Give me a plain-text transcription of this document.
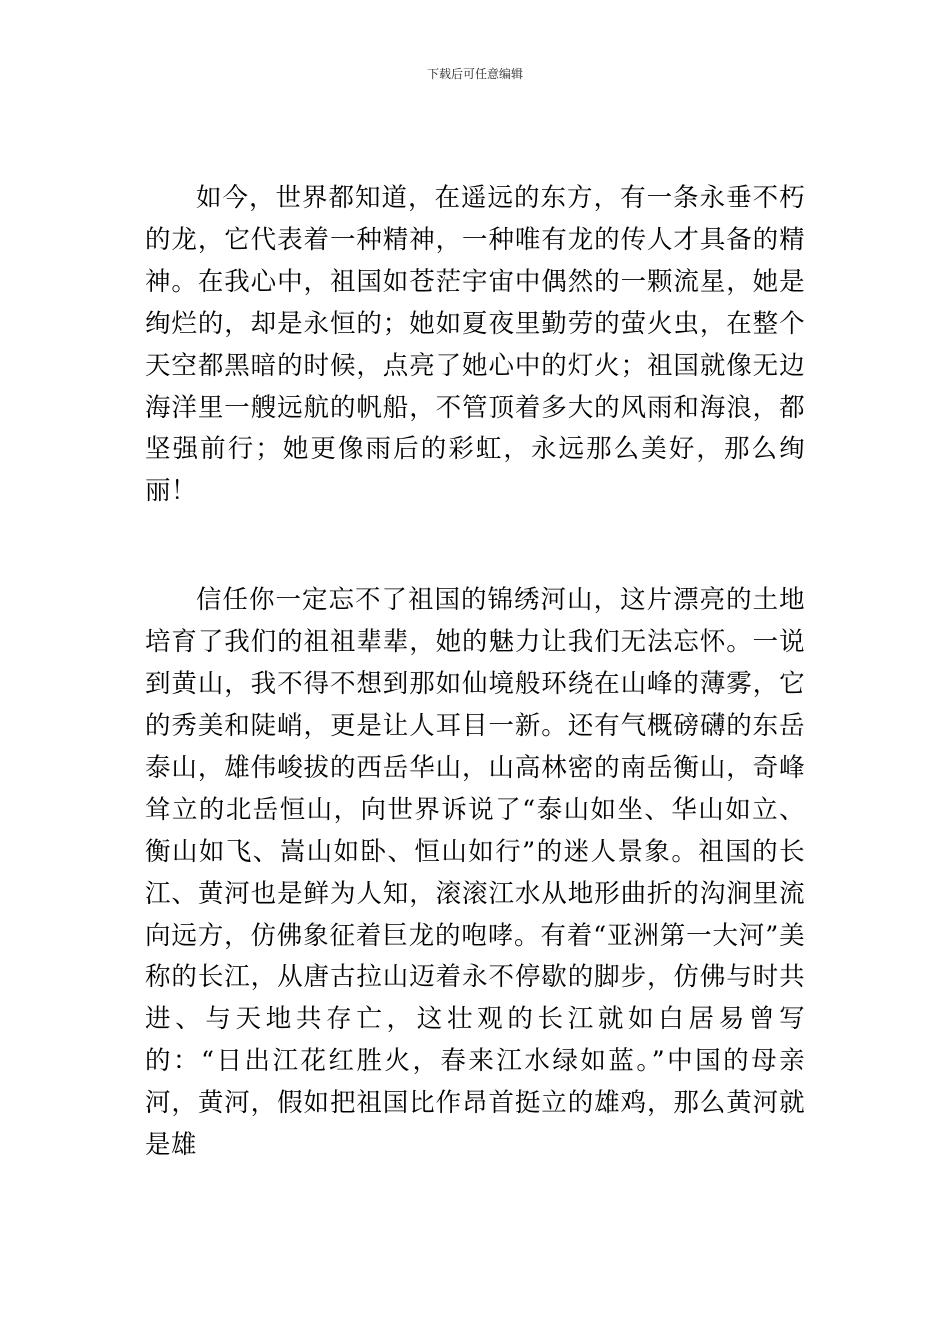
下载后可任意编辑

如今，世界都知道，在遥远的东方，有一条永垂不朽的龙，它代表着一种精神，一种唯有龙的传人才具备的精神。在我心中，祖国如苍茫宇宙中偶然的一颗流星，她是绚烂的，却是永恒的；她如夏夜里勤劳的萤火虫，在整个天空都黑暗的时候，点亮了她心中的灯火；祖国就像无边海洋里一艘远航的帆船，不管顶着多大的风雨和海浪，都坚强前行；她更像雨后的彩虹，永远那么美好，那么绚丽！

信任你一定忘不了祖国的锦绣河山，这片漂亮的土地培育了我们的祖祖辈辈，她的魅力让我们无法忘怀。一说到黄山，我不得不想到那如仙境般环绕在山峰的薄雾，它的秀美和陡峭，更是让人耳目一新。还有气概磅礴的东岳泰山，雄伟峻拔的西岳华山，山高林密的南岳衡山，奇峰耸立的北岳恒山，向世界诉说了“泰山如坐、华山如立、衡山如飞、嵩山如卧、恒山如行”的迷人景象。祖国的长江、黄河也是鲜为人知，滚滚江水从地形曲折的沟涧里流向远方，仿佛象征着巨龙的咆哮。有着“亚洲第一大河”美称的长江，从唐古拉山迈着永不停歇的脚步，仿佛与时共进、与天地共存亡，这壮观的长江就如白居易曾写的：“日出江花红胜火，春来江水绿如蓝。”中国的母亲河，黄河，假如把祖国比作昂首挺立的雄鸡，那么黄河就是雄
